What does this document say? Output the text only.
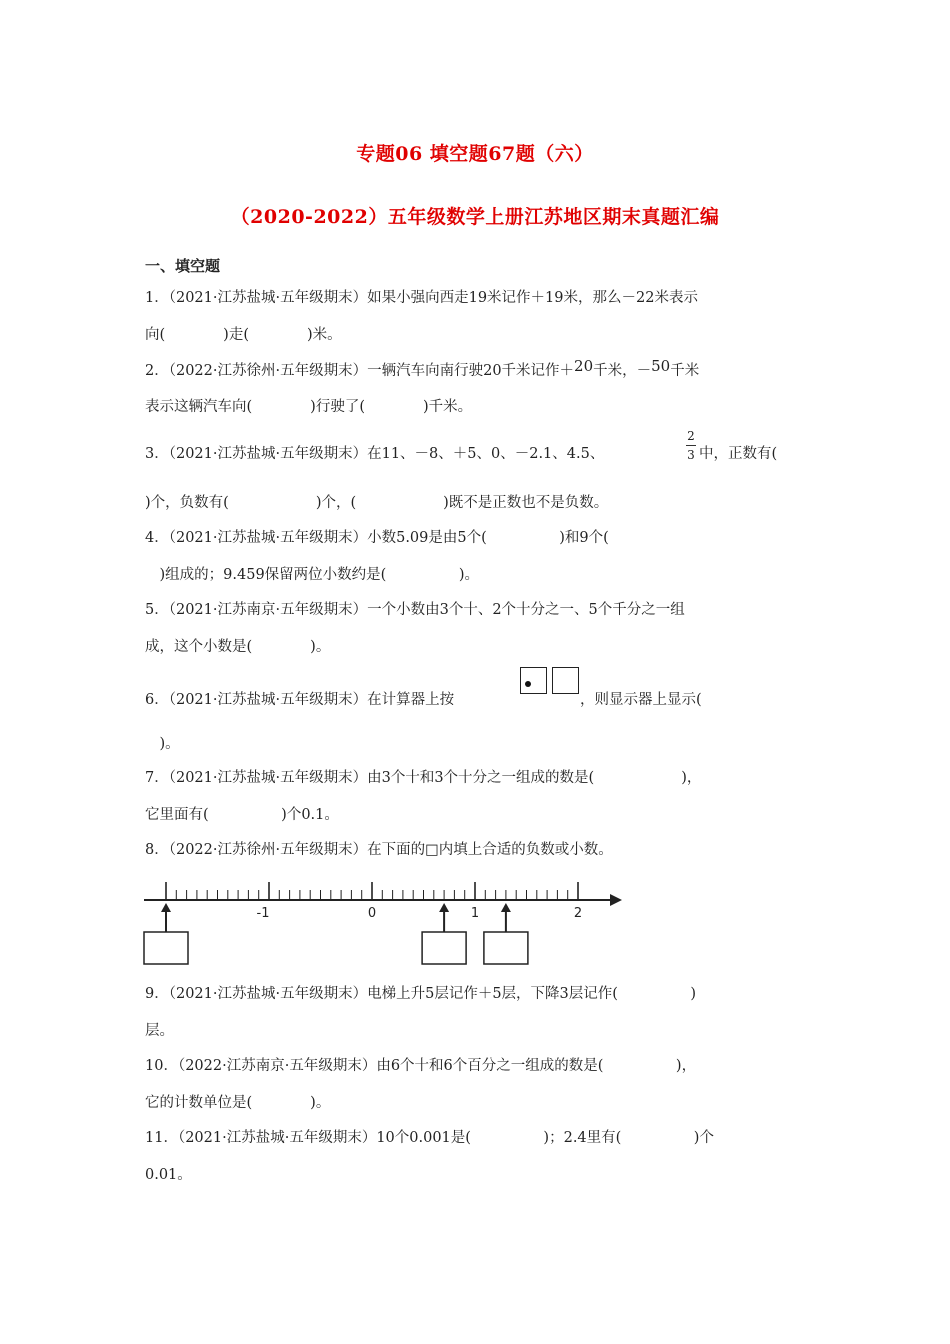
专题06 填空题67题（六）
（2020-2022）五年级数学上册江苏地区期末真题汇编
一、填空题
1．（2021·江苏盐城·五年级期末）如果小强向西走19米记作＋19米，那么－22米表示
向(　　　　)走(　　　　)米。
2．（2022·江苏徐州·五年级期末）一辆汽车向南行驶20千米记作＋20千米，－50千米
表示这辆汽车向(　　　　)行驶了(　　　　)千米。
3．（2021·江苏盐城·五年级期末）在11、－8、＋5、0、－2.1、4.5、
2
3 中，正数有(
)个，负数有(　　　　　　)个，(　　　　　　)既不是正数也不是负数。
4．（2021·江苏盐城·五年级期末）小数5.09是由5个(　　　　　)和9个(
　)组成的；9.459保留两位小数约是(　　　　　)。
5．（2021·江苏南京·五年级期末）一个小数由3个十、2个十分之一、5个千分之一组
成，这个小数是(　　　　)。
6．（2021·江苏盐城·五年级期末）在计算器上按	，则显示器上显示(
　)。
7．（2021·江苏盐城·五年级期末）由3个十和3个十分之一组成的数是(　　　　　　)，
它里面有(　　　　　)个0.1。
8．（2022·江苏徐州·五年级期末）在下面的□内填上合适的负数或小数。
-1	0	1	2
9．（2021·江苏盐城·五年级期末）电梯上升5层记作＋5层，下降3层记作(　　　　　)
层。
10．（2022·江苏南京·五年级期末）由6个十和6个百分之一组成的数是(　　　　　)，
它的计数单位是(　　　　)。
11．（2021·江苏盐城·五年级期末）10个0.001是(　　　　　)；2.4里有(　　　　　)个
0.01。
